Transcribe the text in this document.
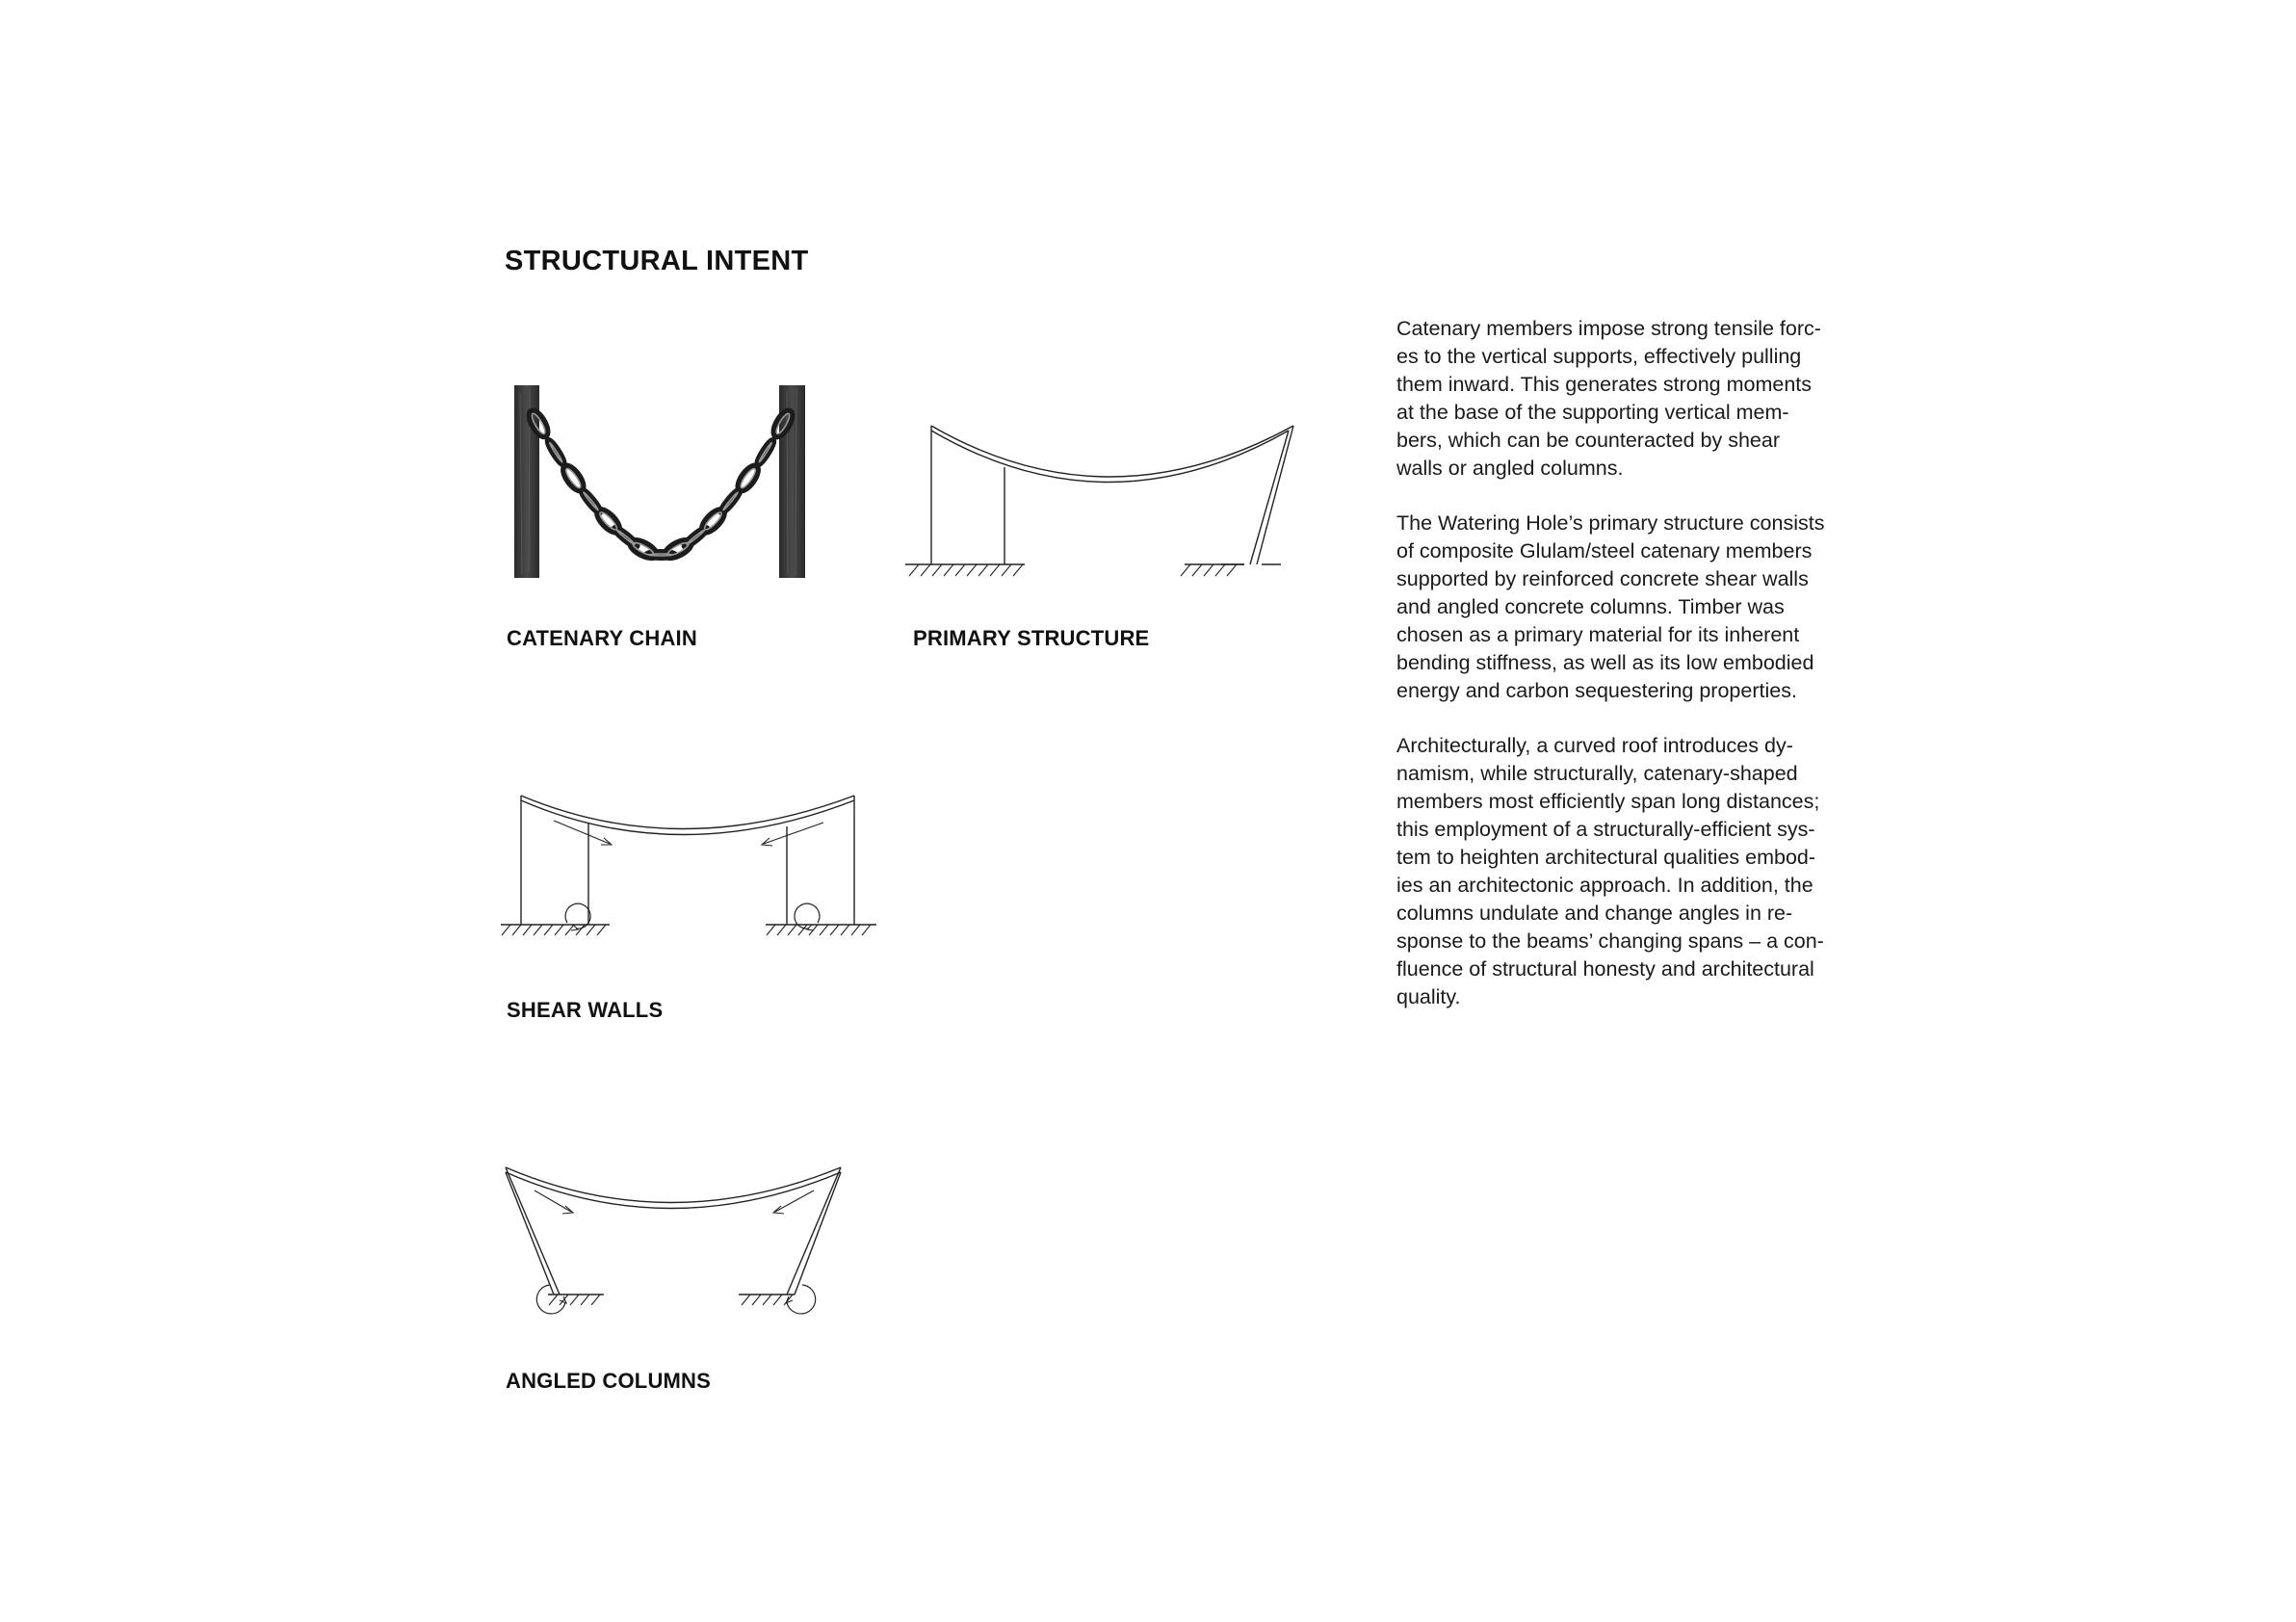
STRUCTURAL INTENT
CATENARY CHAIN	PRIMARY STRUCTURE
SHEAR WALLS
ANGLED COLUMNS

Catenary members impose strong tensile forc-
es to the vertical supports, effectively pulling
them inward. This generates strong moments
at the base of the supporting vertical mem-
bers, which can be counteracted by shear
walls or angled columns.

The Watering Hole’s primary structure consists
of composite Glulam/steel catenary members
supported by reinforced concrete shear walls
and angled concrete columns. Timber was
chosen as a primary material for its inherent
bending stiffness, as well as its low embodied
energy and carbon sequestering properties.

Architecturally, a curved roof introduces dy-
namism, while structurally, catenary-shaped
members most efficiently span long distances;
this employment of a structurally-efficient sys-
tem to heighten architectural qualities embod-
ies an architectonic approach. In addition, the
columns undulate and change angles in re-
sponse to the beams’ changing spans – a con-
fluence of structural honesty and architectural
quality.
